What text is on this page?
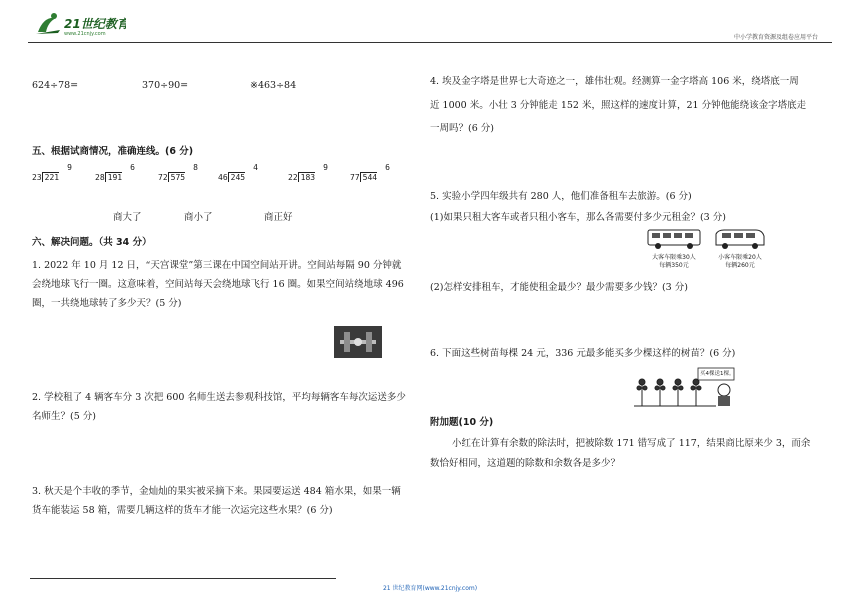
21世纪教育
www.21cnjy.com	中小学教育资源及组卷应用平台
624÷78=	370÷90=	※463÷84
五、根据试商情况，准确连线。(6 分)
9
23 221
6
28 191
8
72 575
4
46 245
9
22 183
6
77 544
商大了	商小了	商正好
六、解决问题。（共 34 分）
1. 2022 年 10 月 12 日，“天宫课堂”第三课在中国空间站开讲。空间站每隔 90 分钟就
会绕地球飞行一圈。这意味着，空间站每天会绕地球飞行 16 圈。如果空间站绕地球 496
圈，一共绕地球转了多少天？(5 分)
2. 学校租了 4 辆客车分 3 次把 600 名师生送去参观科技馆，平均每辆客车每次运送多少
名师生？(5 分)
3. 秋天是个丰收的季节，金灿灿的果实被采摘下来。果园要运送 484 箱水果，如果一辆
货车能装运 58 箱，需要几辆这样的货车才能一次运完这些水果？(6 分)
4. 埃及金字塔是世界七大奇迹之一，雄伟壮观。经测算一金字塔高 106 米，绕塔底一周
近 1000 米。小壮 3 分钟能走 152 米，照这样的速度计算，21 分钟他能绕该金字塔底走
一周吗？(6 分)
5. 实验小学四年级共有 280 人，他们准备租车去旅游。(6 分)
(1)如果只租大客车或者只租小客车，那么各需要付多少元租金？(3 分)
大客车限乘30人
每辆350元
小客车限乘20人
每辆260元
(2)怎样安排租车，才能使租金最少？最少需要多少钱？(3 分)
6. 下面这些树苗每棵 24 元，336 元最多能买多少棵这样的树苗？(6 分)
买4棵送1棵。
附加题(10 分)
小红在计算有余数的除法时，把被除数 171 错写成了 117，结果商比原来少 3，而余
数恰好相同，这道题的除数和余数各是多少？
21 世纪教育网(www.21cnjy.com)
